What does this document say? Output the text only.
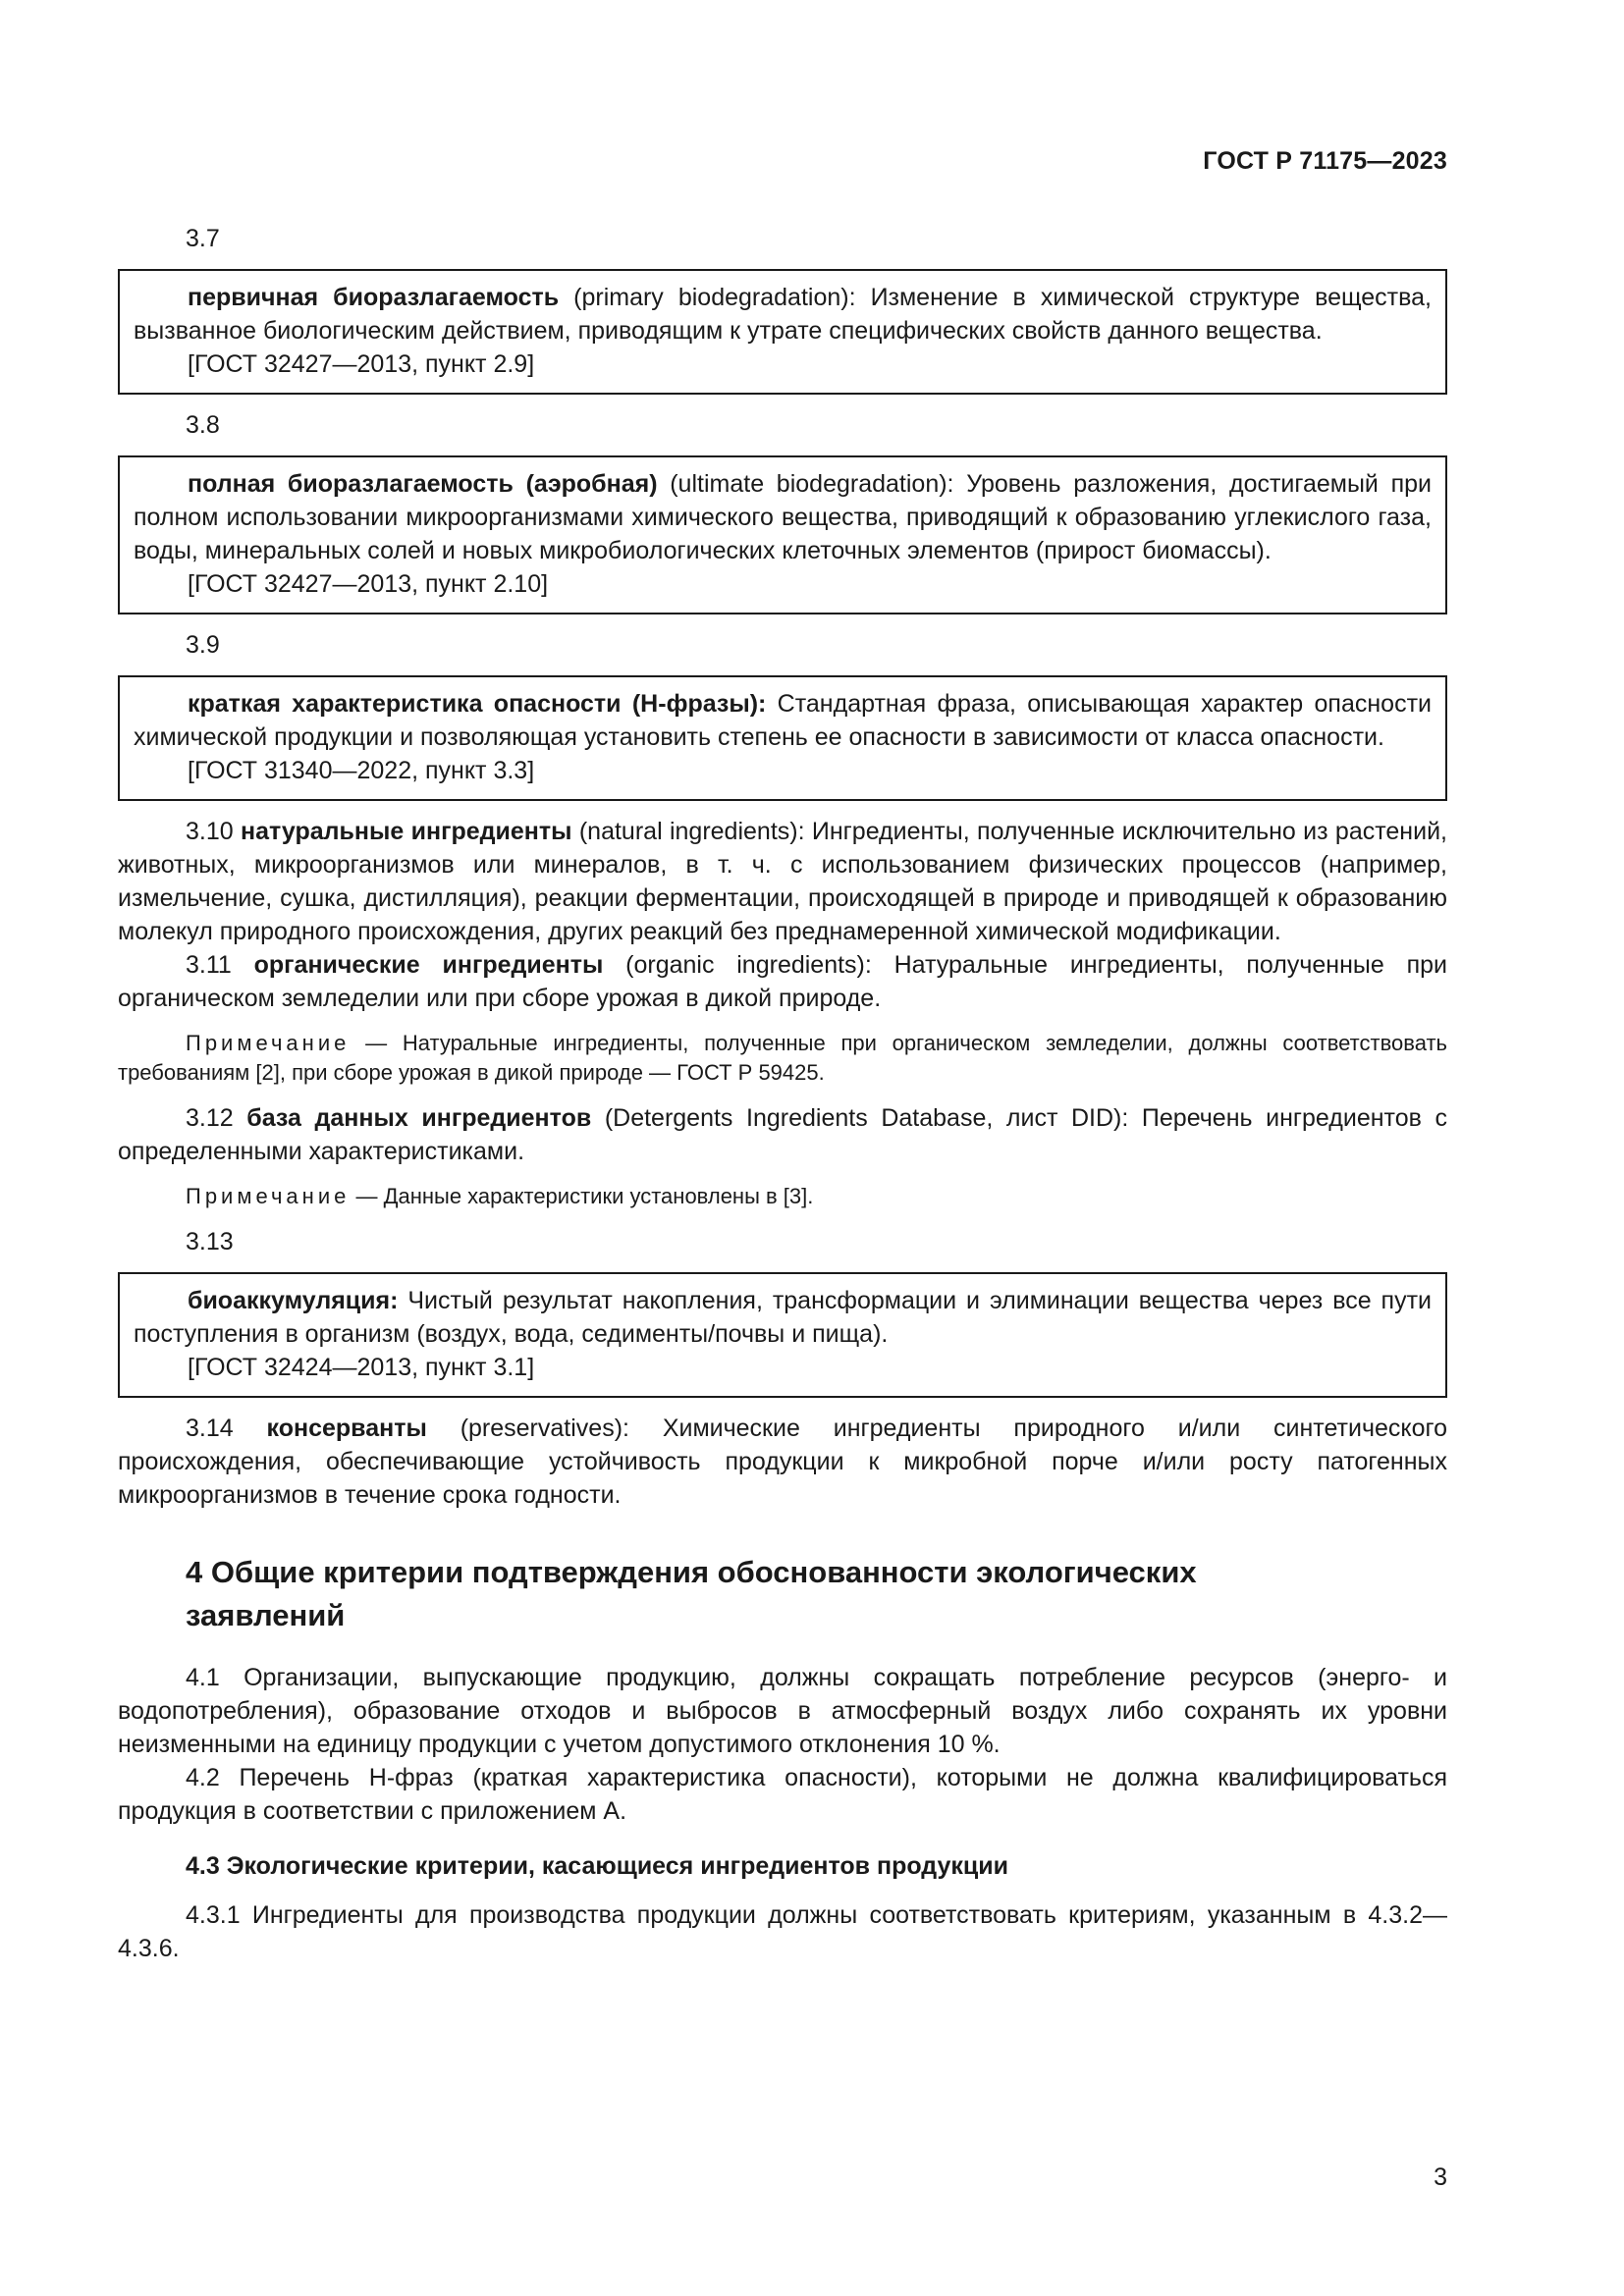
ГОСТ Р 71175—2023
3.7

первичная биоразлагаемость (primary biodegradation): Изменение в химической структуре вещества, вызванное биологическим действием, приводящим к утрате специфических свойств данного вещества.

[ГОСТ 32427—2013, пункт 2.9]

3.8

полная биоразлагаемость (аэробная) (ultimate biodegradation): Уровень разложения, достигаемый при полном использовании микроорганизмами химического вещества, приводящий к образованию углекислого газа, воды, минеральных солей и новых микробиологических клеточных элементов (прирост биомассы).

[ГОСТ 32427—2013, пункт 2.10]

3.9

краткая характеристика опасности (Н-фразы): Стандартная фраза, описывающая характер опасности химической продукции и позволяющая установить степень ее опасности в зависимости от класса опасности.

[ГОСТ 31340—2022, пункт 3.3]

3.10 натуральные ингредиенты (natural ingredients): Ингредиенты, полученные исключительно из растений, животных, микроорганизмов или минералов, в т. ч. с использованием физических процессов (например, измельчение, сушка, дистилляция), реакции ферментации, происходящей в природе и приводящей к образованию молекул природного происхождения, других реакций без преднамеренной химической модификации.

3.11 органические ингредиенты (organic ingredients): Натуральные ингредиенты, полученные при органическом земледелии или при сборе урожая в дикой природе.

Примечание — Натуральные ингредиенты, полученные при органическом земледелии, должны соответствовать требованиям [2], при сборе урожая в дикой природе — ГОСТ Р 59425.

3.12 база данных ингредиентов (Detergents Ingredients Database, лист DID): Перечень ингредиентов с определенными характеристиками.

Примечание — Данные характеристики установлены в [3].

3.13

биоаккумуляция: Чистый результат накопления, трансформации и элиминации вещества через все пути поступления в организм (воздух, вода, седименты/почвы и пища).

[ГОСТ 32424—2013, пункт 3.1]

3.14 консерванты (preservatives): Химические ингредиенты природного и/или синтетического происхождения, обеспечивающие устойчивость продукции к микробной порче и/или росту патогенных микроорганизмов в течение срока годности.

4 Общие критерии подтверждения обоснованности экологических
заявлений

4.1 Организации, выпускающие продукцию, должны сокращать потребление ресурсов (энерго- и водопотребления), образование отходов и выбросов в атмосферный воздух либо сохранять их уровни неизменными на единицу продукции с учетом допустимого отклонения 10 %.

4.2 Перечень Н-фраз (краткая характеристика опасности), которыми не должна квалифицироваться продукция в соответствии с приложением А.

4.3 Экологические критерии, касающиеся ингредиентов продукции

4.3.1 Ингредиенты для производства продукции должны соответствовать критериям, указанным в 4.3.2—4.3.6.

3
